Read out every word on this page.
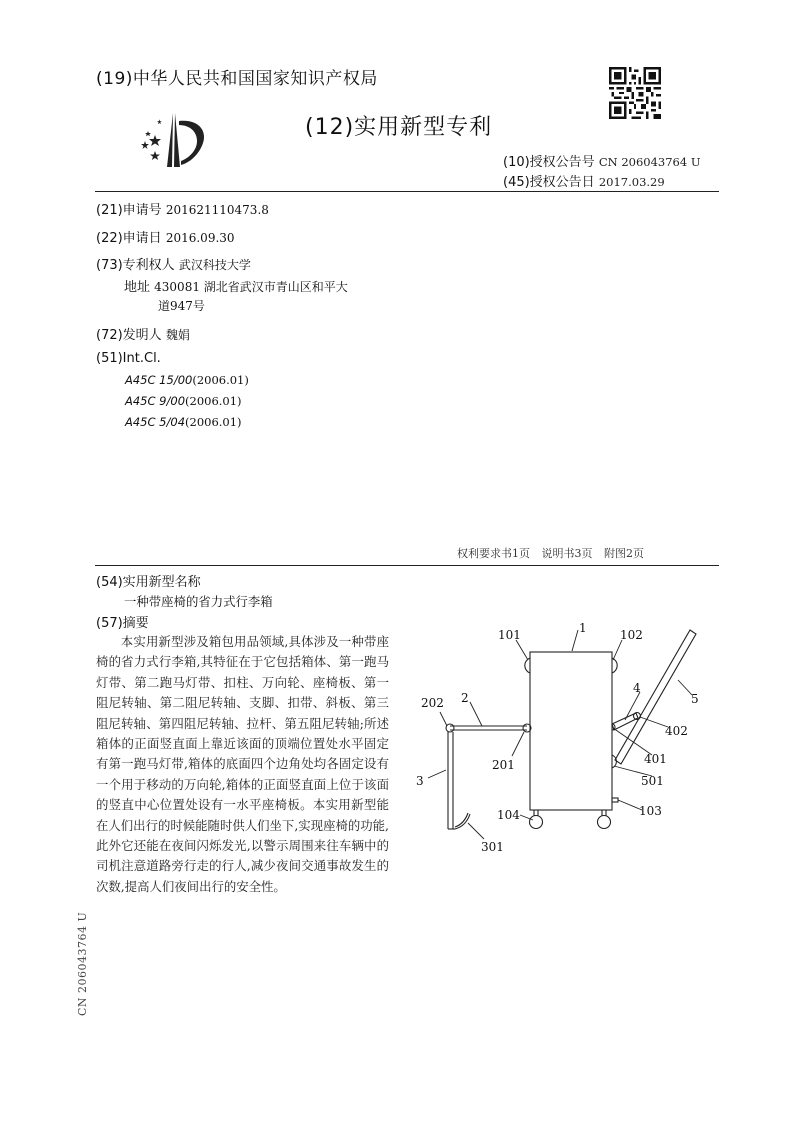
(19)中华人民共和国国家知识产权局
(12)实用新型专利
(10)授权公告号 CN 206043764 U
(45)授权公告日 2017.03.29
(21)申请号 201621110473.8
(22)申请日 2016.09.30
(73)专利权人 武汉科技大学
地址 430081 湖北省武汉市青山区和平大
道947号
(72)发明人 魏娟
(51)Int.Cl.
A45C 15/00(2006.01)
A45C 9/00(2006.01)
A45C 5/04(2006.01)
权利要求书1页 说明书3页 附图2页
(54)实用新型名称
一种带座椅的省力式行李箱
(57)摘要
本实用新型涉及箱包用品领域,具体涉及一种带座椅的省力式行李箱,其特征在于它包括箱体、第一跑马灯带、第二跑马灯带、扣柱、万向轮、座椅板、第一阻尼转轴、第二阻尼转轴、支脚、扣带、斜板、第三阻尼转轴、第四阻尼转轴、拉杆、第五阻尼转轴;所述箱体的正面竖直面上靠近该面的顶端位置处水平固定有第一跑马灯带,箱体的底面四个边角处均各固定设有一个用于移动的万向轮,箱体的正面竖直面上位于该面的竖直中心位置处设有一水平座椅板。本实用新型能在人们出行的时候能随时供人们坐下,实现座椅的功能,此外它还能在夜间闪烁发光,以警示周围来往车辆中的司机注意道路旁行走的行人,减少夜间交通事故发生的次数,提高人们夜间出行的安全性。
CN 206043764 U
1
101	102
2
202
201
3
301
104	103
5
4
402
401
501
